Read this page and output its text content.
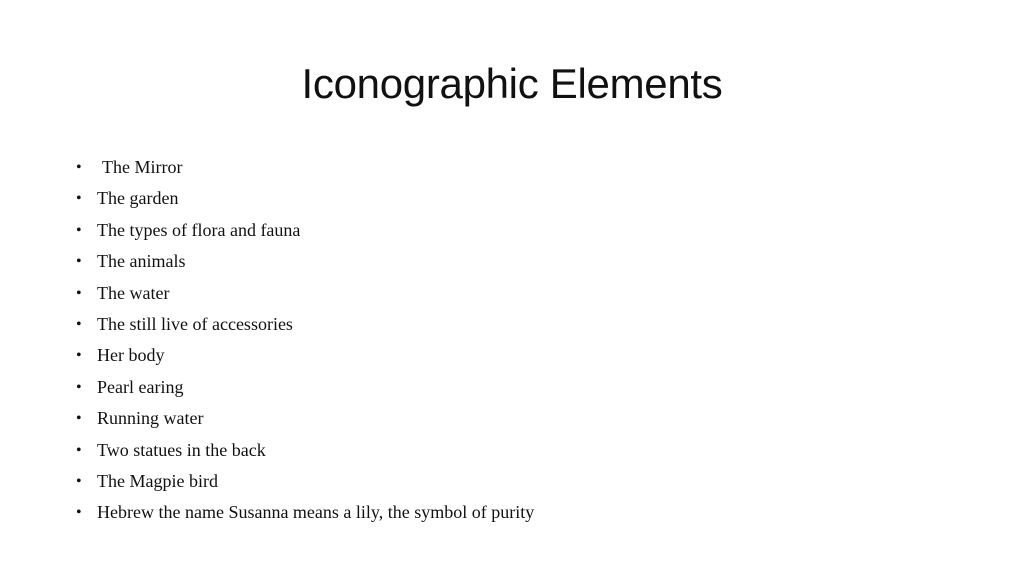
Iconographic Elements
• The Mirror
• The garden
• The types of flora and fauna
• The animals
• The water
• The still live of accessories
• Her body
• Pearl earing
• Running water
• Two statues in the back
• The Magpie bird
• Hebrew the name Susanna means a lily, the symbol of purity
